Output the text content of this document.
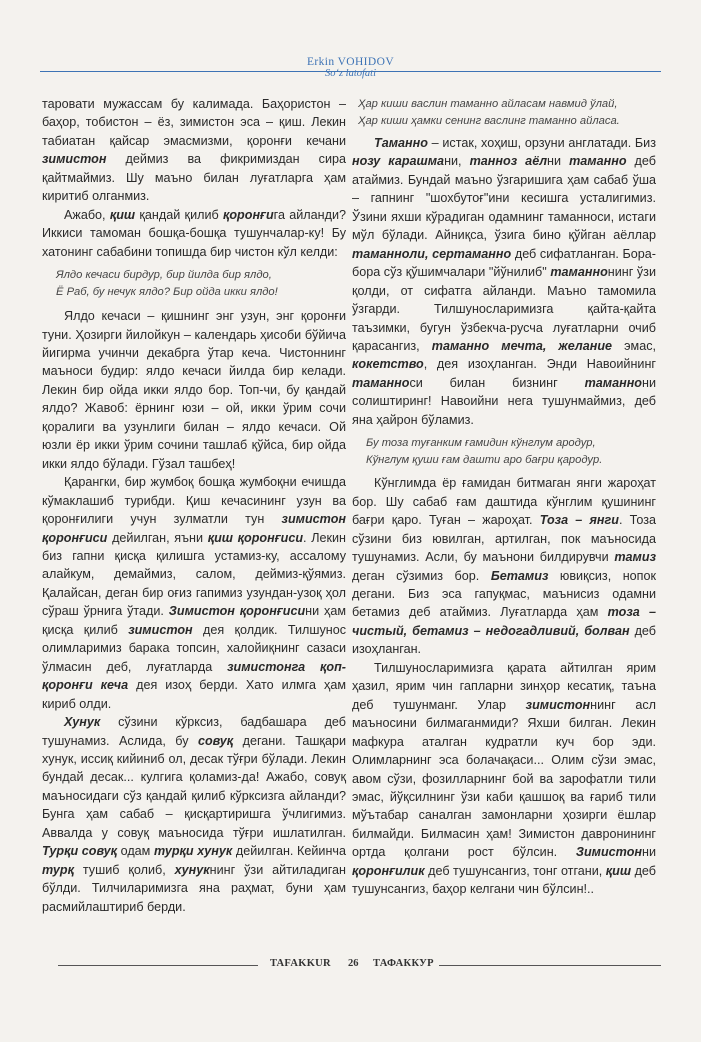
Erkin VOHIDOV
So‘z latofati

таровати мужассам бу калимада. Баҳористон – баҳор, тобистон – ёз, зимистон эса – қиш. Лекин табиатан қайсар эмасмизми, қоронғи кечани зимистон деймиз ва фикримиздан сира қайтмаймиз. Шу маъно билан луғатларга ҳам киритиб олганмиз.

Ажабо, қиш қандай қилиб қоронғига айланди? Иккиси тамоман бошқа-бошқа тушунчалар-ку! Бу хатонинг сабабини топишда бир чистон кўл келди:

Ялдо кечаси бирдур, бир йилда бир ялдо,
Ё Раб, бу нечук ялдо? Бир ойда икки ялдо!

Ялдо кечаси – қишнинг энг узун, энг қоронғи туни. Ҳозирги йилойкун – календарь ҳисоби бўйича йигирма учинчи декабрга ўтар кеча. Чистоннинг маъноси будир: ялдо кечаси йилда бир келади. Лекин бир ойда икки ялдо бор. Топ-чи, бу қандай ялдо? Жавоб: ёрнинг юзи – ой, икки ўрим сочи қоралиги ва узунлиги билан – ялдо кечаси. Ой юзли ёр икки ўрим сочини ташлаб қўйса, бир ойда икки ялдо бўлади. Гўзал ташбеҳ!

Қарангки, бир жумбоқ бошқа жумбоқни ечишда кўмаклашиб турибди. Қиш кечасининг узун ва қоронғилиги учун зулматли тун зимистон қоронғиси дейилган, яъни қиш қоронғиси. Лекин биз гапни қисқа қилишга устамиз-ку, ассалому алайкум, демаймиз, салом, деймиз-қўямиз. Қалайсан, деган бир оғиз гапимиз узундан-узоқ ҳол сўраш ўрнига ўтади. Зимистон қоронғисини ҳам қисқа қилиб зимистон дея қолдик. Тилшунос олимларимиз барака топсин, халойиқнинг сазаси ўлмасин деб, луғатларда зимистонга қоп-қоронғи кеча дея изоҳ берди. Хато илмга ҳам кириб олди.

Хунук сўзини кўрксиз, бадбашара деб тушунамиз. Аслида, бу совуқ дегани. Ташқари хунук, иссиқ кийиниб ол, десак тўғри бўлади. Лекин бундай десак... кулгига қоламиз-да! Ажабо, совуқ маъносидаги сўз қандай қилиб кўрксизга айланди? Бунга ҳам сабаб – қисқартиришга ўчлигимиз. Аввалда у совуқ маъносида тўғри ишлатилган. Турқи совуқ одам турқи хунук дейилган. Кейинча турқ тушиб қолиб, хунукнинг ўзи айтиладиган бўлди. Тилчиларимизга яна раҳмат, буни ҳам расмийлаштириб берди.

Ҳар киши васлин таманно айласам навмид ўлай,
Ҳар киши ҳамки сенинг васлинг таманно айласа.

Таманно – истак, хоҳиш, орзуни англатади. Биз нозу карашмани, танноз аёлни таманно деб атаймиз. Бундай маъно ўзгаришига ҳам сабаб ўша – гапнинг "шохбутоғ"ини кесишга усталигимиз. Ўзини яхши кўрадиган одамнинг таманноси, истаги мўл бўлади. Айниқса, ўзига бино қўйган аёллар таманноли, сертаманно деб сифатланган. Бора-бора сўз қўшимчалари "йўнилиб" таманнонинг ўзи қолди, от сифатга айланди. Маъно тамомила ўзгарди. Тилшуносларимизга қайта-қайта таъзимки, бугун ўзбекча-русча луғатларни очиб қарасангиз, таманно мечта, желание эмас, кокетство, дея изоҳланган. Энди Навоийнинг таманноси билан бизнинг таманнони солиштиринг! Навоийни нега тушунмаймиз, деб яна ҳайрон бўламиз.

Бу тоза туғанким ғамидин кўнглум ародур,
Кўнглум қуши ғам дашти аро бағри қародур.

Кўнглимда ёр ғамидан битмаган янги жароҳат бор. Шу сабаб ғам даштида кўнглим қушининг бағри қаро. Туған – жароҳат. Тоза – янги. Тоза сўзини биз ювилган, артилган, пок маъносида тушунамиз. Асли, бу маънони билдирувчи тамиз деган сўзимиз бор. Бетамиз ювиқсиз, нопок дегани. Биз эса гапуқмас, маънисиз одамни бетамиз деб атаймиз. Луғатларда ҳам тоза – чистый, бетамиз – недогадливий, болван деб изоҳланган.

Тилшуносларимизга қарата айтилган ярим ҳазил, ярим чин гапларни зинҳор кесатиқ, таъна деб тушунманг. Улар зимистоннинг асл маъносини билмаганмиди? Яхши билган. Лекин мафкура аталган кудратли куч бор эди. Олимларнинг эса болачақаси... Олим сўзи эмас, авом сўзи, фозилларнинг бой ва зарофатли тили эмас, йўқсилнинг ўзи каби қашшоқ ва ғариб тили мўътабар саналган замонларни ҳозирги ёшлар билмайди. Билмасин ҳам! Зимистон давронининг ортда қолгани рост бўлсин. Зимистонни қоронғилик деб тушунсангиз, тонг отгани, қиш деб тушунсангиз, баҳор келгани чин бўлсин!..

TAFAKKUR 26 ТАФАККУР
